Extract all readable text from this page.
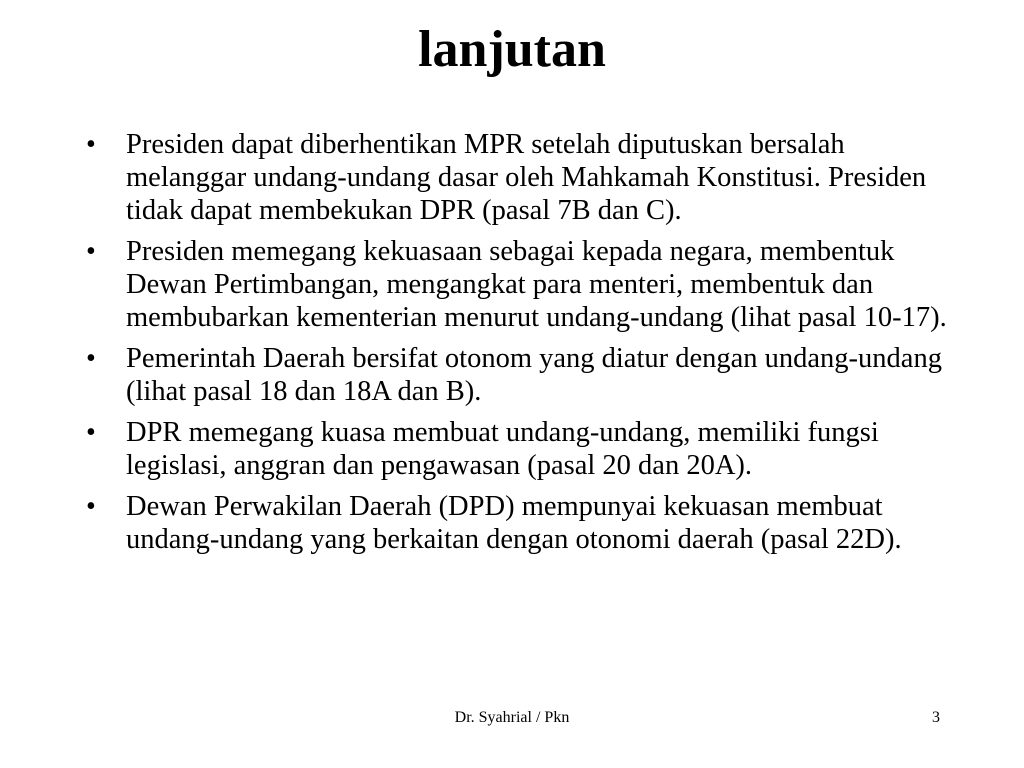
lanjutan
•	Presiden dapat diberhentikan MPR setelah diputuskan bersalah melanggar undang-undang dasar oleh Mahkamah Konstitusi. Presiden tidak dapat membekukan DPR (pasal 7B dan C).
•	Presiden memegang kekuasaan sebagai kepada negara, membentuk Dewan Pertimbangan, mengangkat para menteri, membentuk dan membubarkan kementerian menurut undang-undang (lihat pasal 10-17).
•	Pemerintah Daerah bersifat otonom yang diatur dengan undang-undang (lihat pasal 18 dan 18A dan B).
•	DPR memegang kuasa membuat undang-undang, memiliki fungsi legislasi, anggran dan pengawasan (pasal 20 dan 20A).
•	Dewan Perwakilan Daerah (DPD) mempunyai kekuasan membuat undang-undang yang berkaitan dengan otonomi daerah (pasal 22D).
Dr. Syahrial / Pkn	3
